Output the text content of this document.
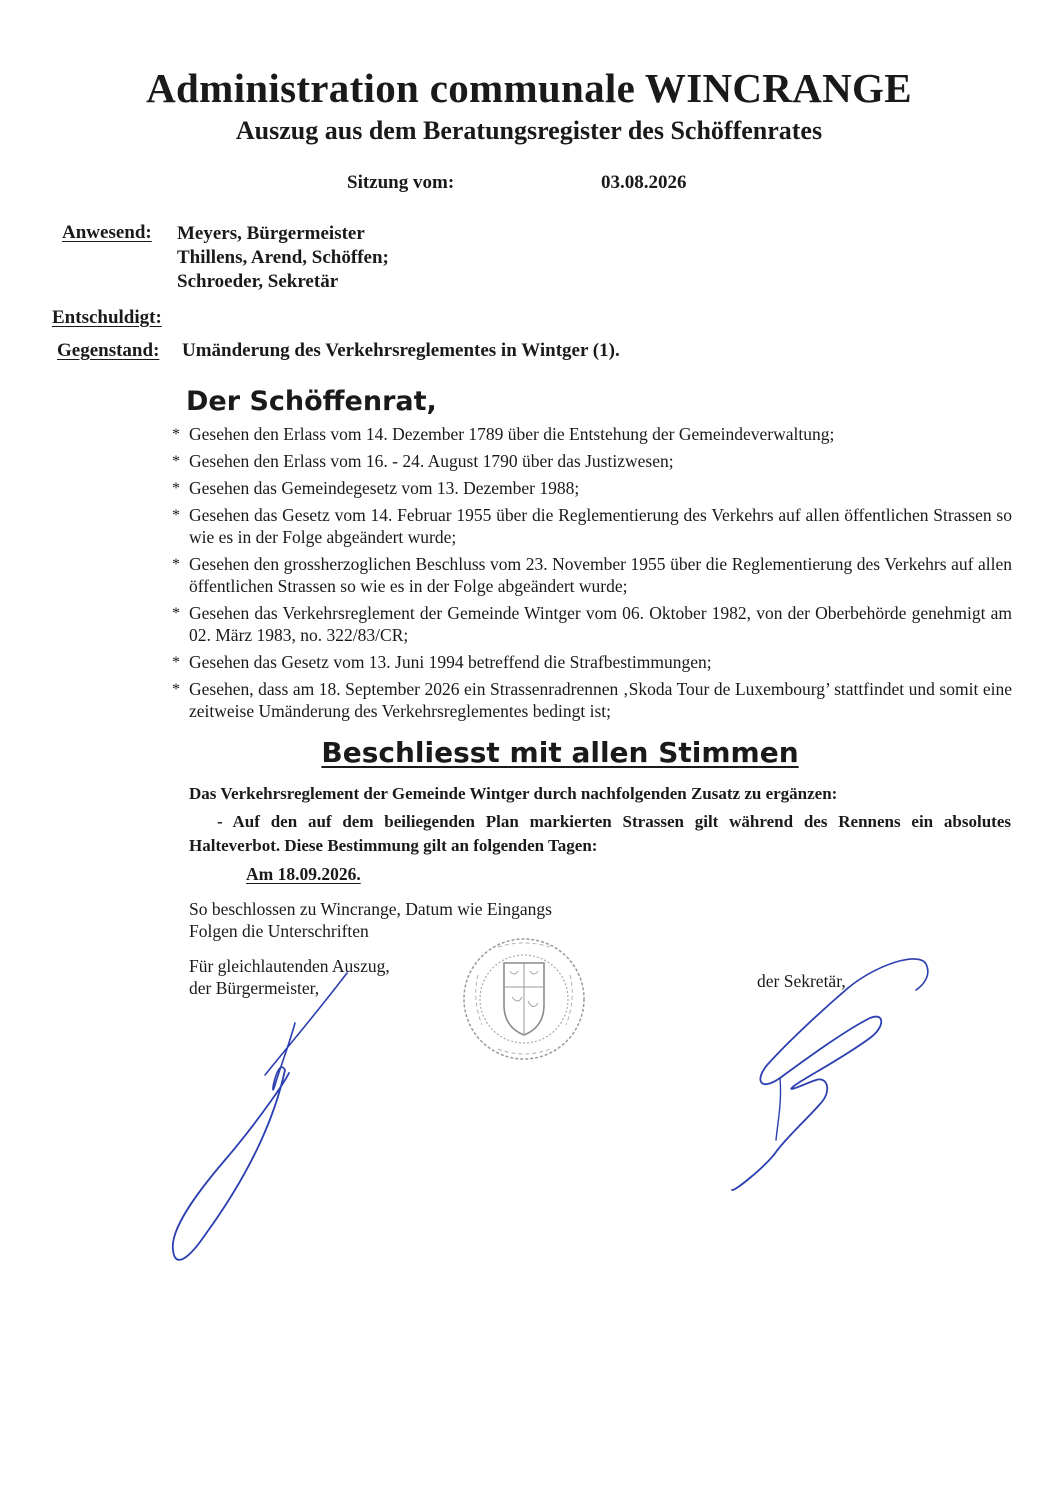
Administration communale WINCRANGE
Auszug aus dem Beratungsregister des Schöffenrates
Sitzung vom:	03.08.2026
Anwesend: Meyers, Bürgermeister
Thillens, Arend, Schöffen;
Schroeder, Sekretär
Entschuldigt:
Gegenstand: Umänderung des Verkehrsreglementes in Wintger (1).
Der Schöffenrat,
* Gesehen den Erlass vom 14. Dezember 1789 über die Entstehung der Gemeindeverwaltung;
* Gesehen den Erlass vom 16. - 24. August 1790 über das Justizwesen;
* Gesehen das Gemeindegesetz vom 13. Dezember 1988;
* Gesehen das Gesetz vom 14. Februar 1955 über die Reglementierung des Verkehrs auf allen öffentlichen Strassen so wie es in der Folge abgeändert wurde;
* Gesehen den grossherzoglichen Beschluss vom 23. November 1955 über die Reglementierung des Verkehrs auf allen öffentlichen Strassen so wie es in der Folge abgeändert wurde;
* Gesehen das Verkehrsreglement der Gemeinde Wintger vom 06. Oktober 1982, von der Oberbehörde genehmigt am 02. März 1983, no. 322/83/CR;
* Gesehen das Gesetz vom 13. Juni 1994 betreffend die Strafbestimmungen;
* Gesehen, dass am 18. September 2026 ein Strassenradrennen ‚Skoda Tour de Luxembourg’ stattfindet und somit eine zeitweise Umänderung des Verkehrsreglementes bedingt ist;
Beschliesst mit allen Stimmen
Das Verkehrsreglement der Gemeinde Wintger durch nachfolgenden Zusatz zu ergänzen:
- Auf den auf dem beiliegenden Plan markierten Strassen gilt während des Rennens ein absolutes Halteverbot. Diese Bestimmung gilt an folgenden Tagen:
Am 18.09.2026.
So beschlossen zu Wincrange, Datum wie Eingangs
Folgen die Unterschriften
Für gleichlautenden Auszug,
der Bürgermeister,	der Sekretär,
